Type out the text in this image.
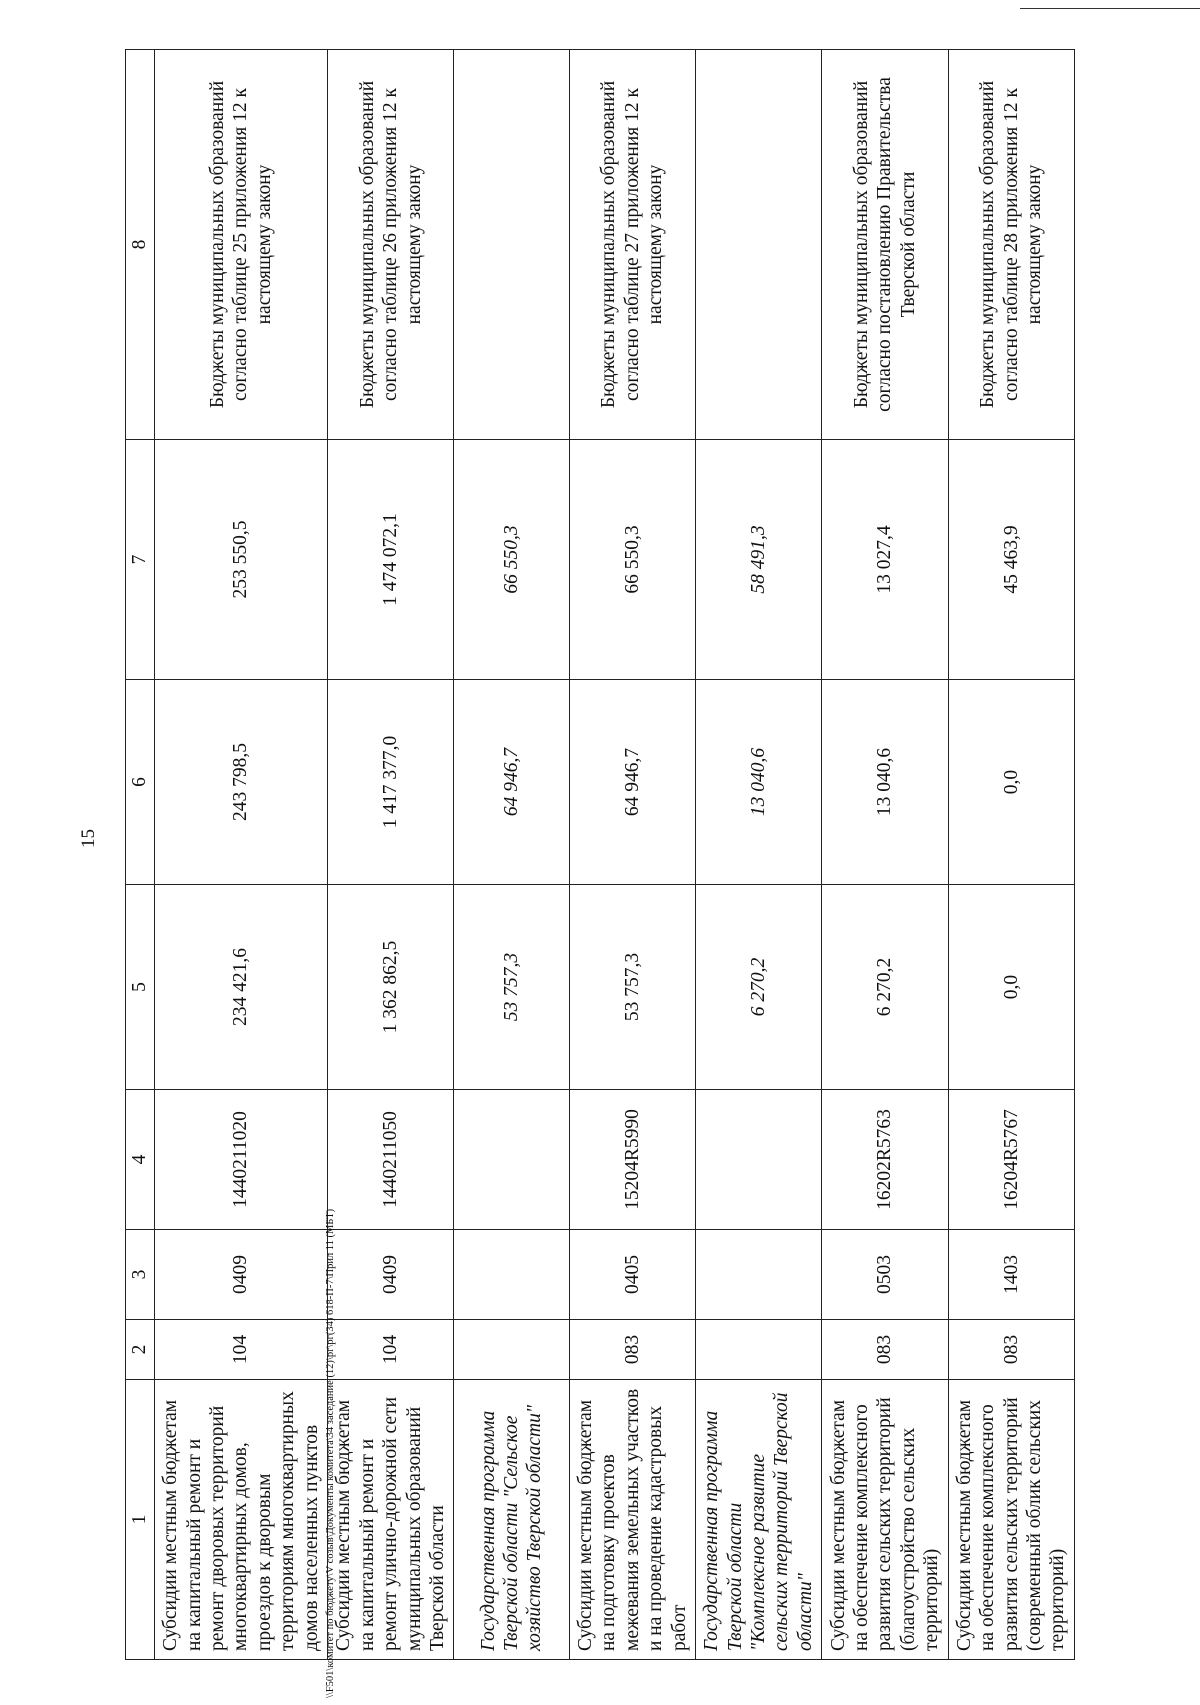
15
1	2	3	4	5	6	7	8
Субсидии местным бюджетам на капитальный ремонт и ремонт дворовых территорий многоквартирных домов, проездов к дворовым территориям многоквартирных домов населенных пунктов	104	0409	1440211020	234 421,6	243 798,5	253 550,5	Бюджеты муниципальных образований согласно таблице 25 приложения 12 к настоящему закону
Субсидии местным бюджетам на капитальный ремонт и ремонт улично-дорожной сети муниципальных образований Тверской области	104	0409	1440211050	1 362 862,5	1 417 377,0	1 474 072,1	Бюджеты муниципальных образований согласно таблице 26 приложения 12 к настоящему закону
Государственная программа Тверской области "Сельское хозяйство Тверской области"				53 757,3	64 946,7	66 550,3	
Субсидии местным бюджетам на подготовку проектов межевания земельных участков и на проведение кадастровых работ	083	0405	15204R5990	53 757,3	64 946,7	66 550,3	Бюджеты муниципальных образований согласно таблице 27 приложения 12 к настоящему закону
Государственная программа Тверской области "Комплексное развитие сельских территорий Тверской области"				6 270,2	13 040,6	58 491,3	
Субсидии местным бюджетам на обеспечение комплексного развития сельских территорий (благоустройство сельских территорий)	083	0503	16202R5763	6 270,2	13 040,6	13 027,4	Бюджеты муниципальных образований согласно постановлению Правительства Тверской области
Субсидии местным бюджетам на обеспечение комплексного развития сельских территорий (современный облик сельских территорий)	083	1403	16204R5767	0,0	0,0	45 463,9	Бюджеты муниципальных образований согласно таблице 28 приложения 12 к настоящему закону
\\F501\комитет по бюджету\V созыв\Документы комитета\34 заседание (12)\рг\рг(34) 618-П-7\Прил 11 (МБТ)
